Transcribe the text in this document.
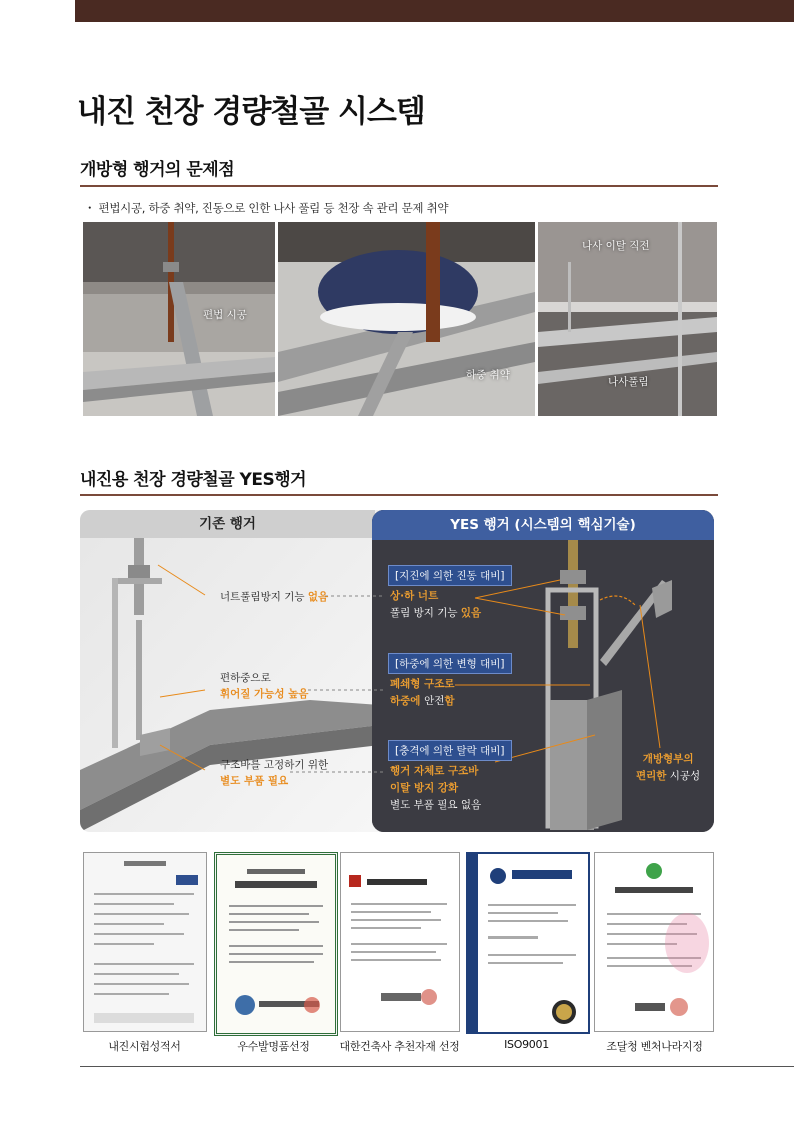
내진 천장 경량철골 시스템
개방형 행거의 문제점
・ 편법시공, 하중 취약, 진동으로 인한 나사 풀림 등 천장 속 관리 문제 취약
편법 시공
하중 취약
나사 이탈 직전
나사풀림
내진용 천장 경량철골 YES행거
기존 행거	YES 행거 (시스템의 핵심기술)
너트풀림방지 기능 없음
편하중으로
휘어질 가능성 높음
구조바를 고정하기 위한
별도 부품 필요
[지진에 의한 진동 대비]
상·하 너트
풀림 방지 기능 있음
[하중에 의한 변형 대비]
폐쇄형 구조로
하중에 안전함
[충격에 의한 탈락 대비]
행거 자체로 구조바
이탈 방지 강화
별도 부품 필요 없음
개방형부의
편리한 시공성
내진시험성적서	우수발명품선정	대한건축사 추천자재 선정	ISO9001	조달청 벤처나라지정
